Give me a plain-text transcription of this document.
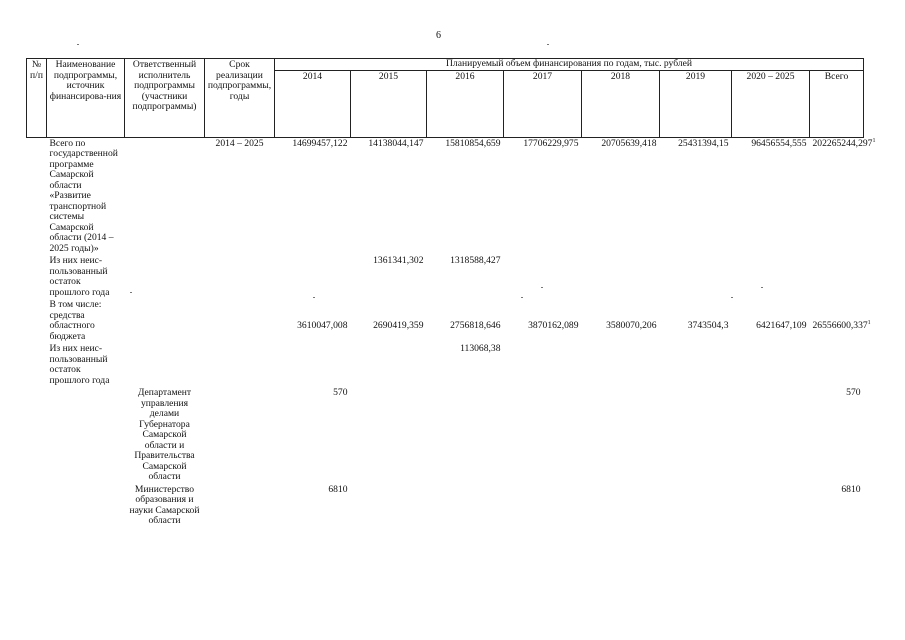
6
№ п/п	Наименование подпрограммы, источник финансирова-ния	Ответственный исполнитель подпрограммы (участники подпрограммы)	Срок реализации подпрограммы, годы	Планируемый объем финансирования по годам, тыс. рублей							
				2014	2015	2016	2017	2018	2019	2020 – 2025	Всего
	Всего по государственной программе Самарской области «Развитие транспортной системы Самарской области (2014 – 2025 годы)»		2014 – 2025	14699457,122	14138044,147	15810854,659	17706229,975	20705639,418	25431394,15	96456554,555	202265244,297$^1$
	Из них неис-пользованный остаток прошлого года				1361341,302	1318588,427					
	В том числе: средства областного бюджета			3610047,008	2690419,359	2756818,646	3870162,089	3580070,206	3743504,3	6421647,109	26556600,337$^1$
	Из них неис-пользованный остаток прошлого года					113068,38					
		Департамент управления делами Губернатора Самарской области и Правительства Самарской области		570							570
		Министерство образования и науки Самарской области		6810							6810
